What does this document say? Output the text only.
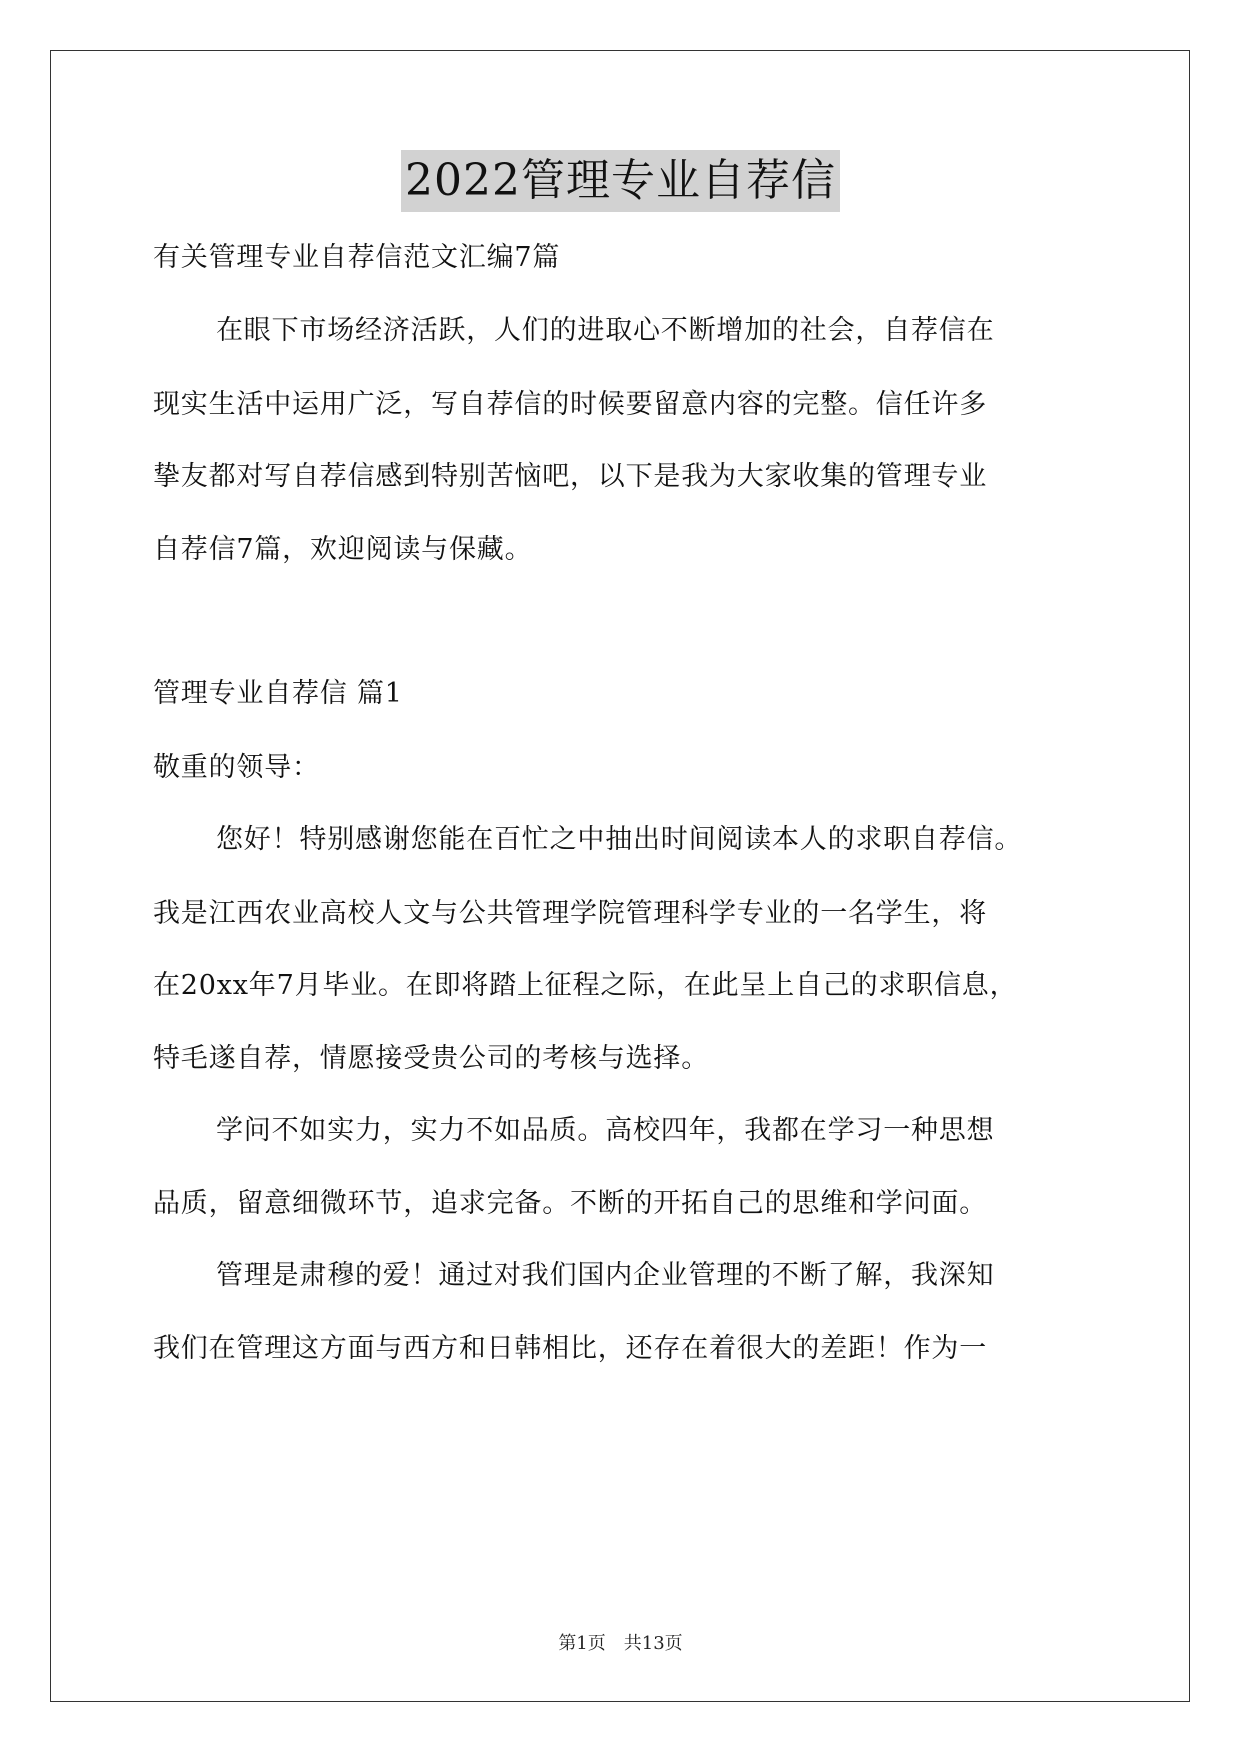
2022管理专业自荐信
有关管理专业自荐信范文汇编7篇
在眼下市场经济活跃，人们的进取心不断增加的社会，自荐信在
现实生活中运用广泛，写自荐信的时候要留意内容的完整。信任许多
挚友都对写自荐信感到特别苦恼吧，以下是我为大家收集的管理专业
自荐信7篇，欢迎阅读与保藏。
管理专业自荐信 篇1
敬重的领导：
您好！特别感谢您能在百忙之中抽出时间阅读本人的求职自荐信。
我是江西农业高校人文与公共管理学院管理科学专业的一名学生，将
在20xx年7月毕业。在即将踏上征程之际，在此呈上自己的求职信息，
特毛遂自荐，情愿接受贵公司的考核与选择。
学问不如实力，实力不如品质。高校四年，我都在学习一种思想
品质，留意细微环节，追求完备。不断的开拓自己的思维和学问面。
管理是肃穆的爱！通过对我们国内企业管理的不断了解，我深知
我们在管理这方面与西方和日韩相比，还存在着很大的差距！作为一
第1页　共13页
